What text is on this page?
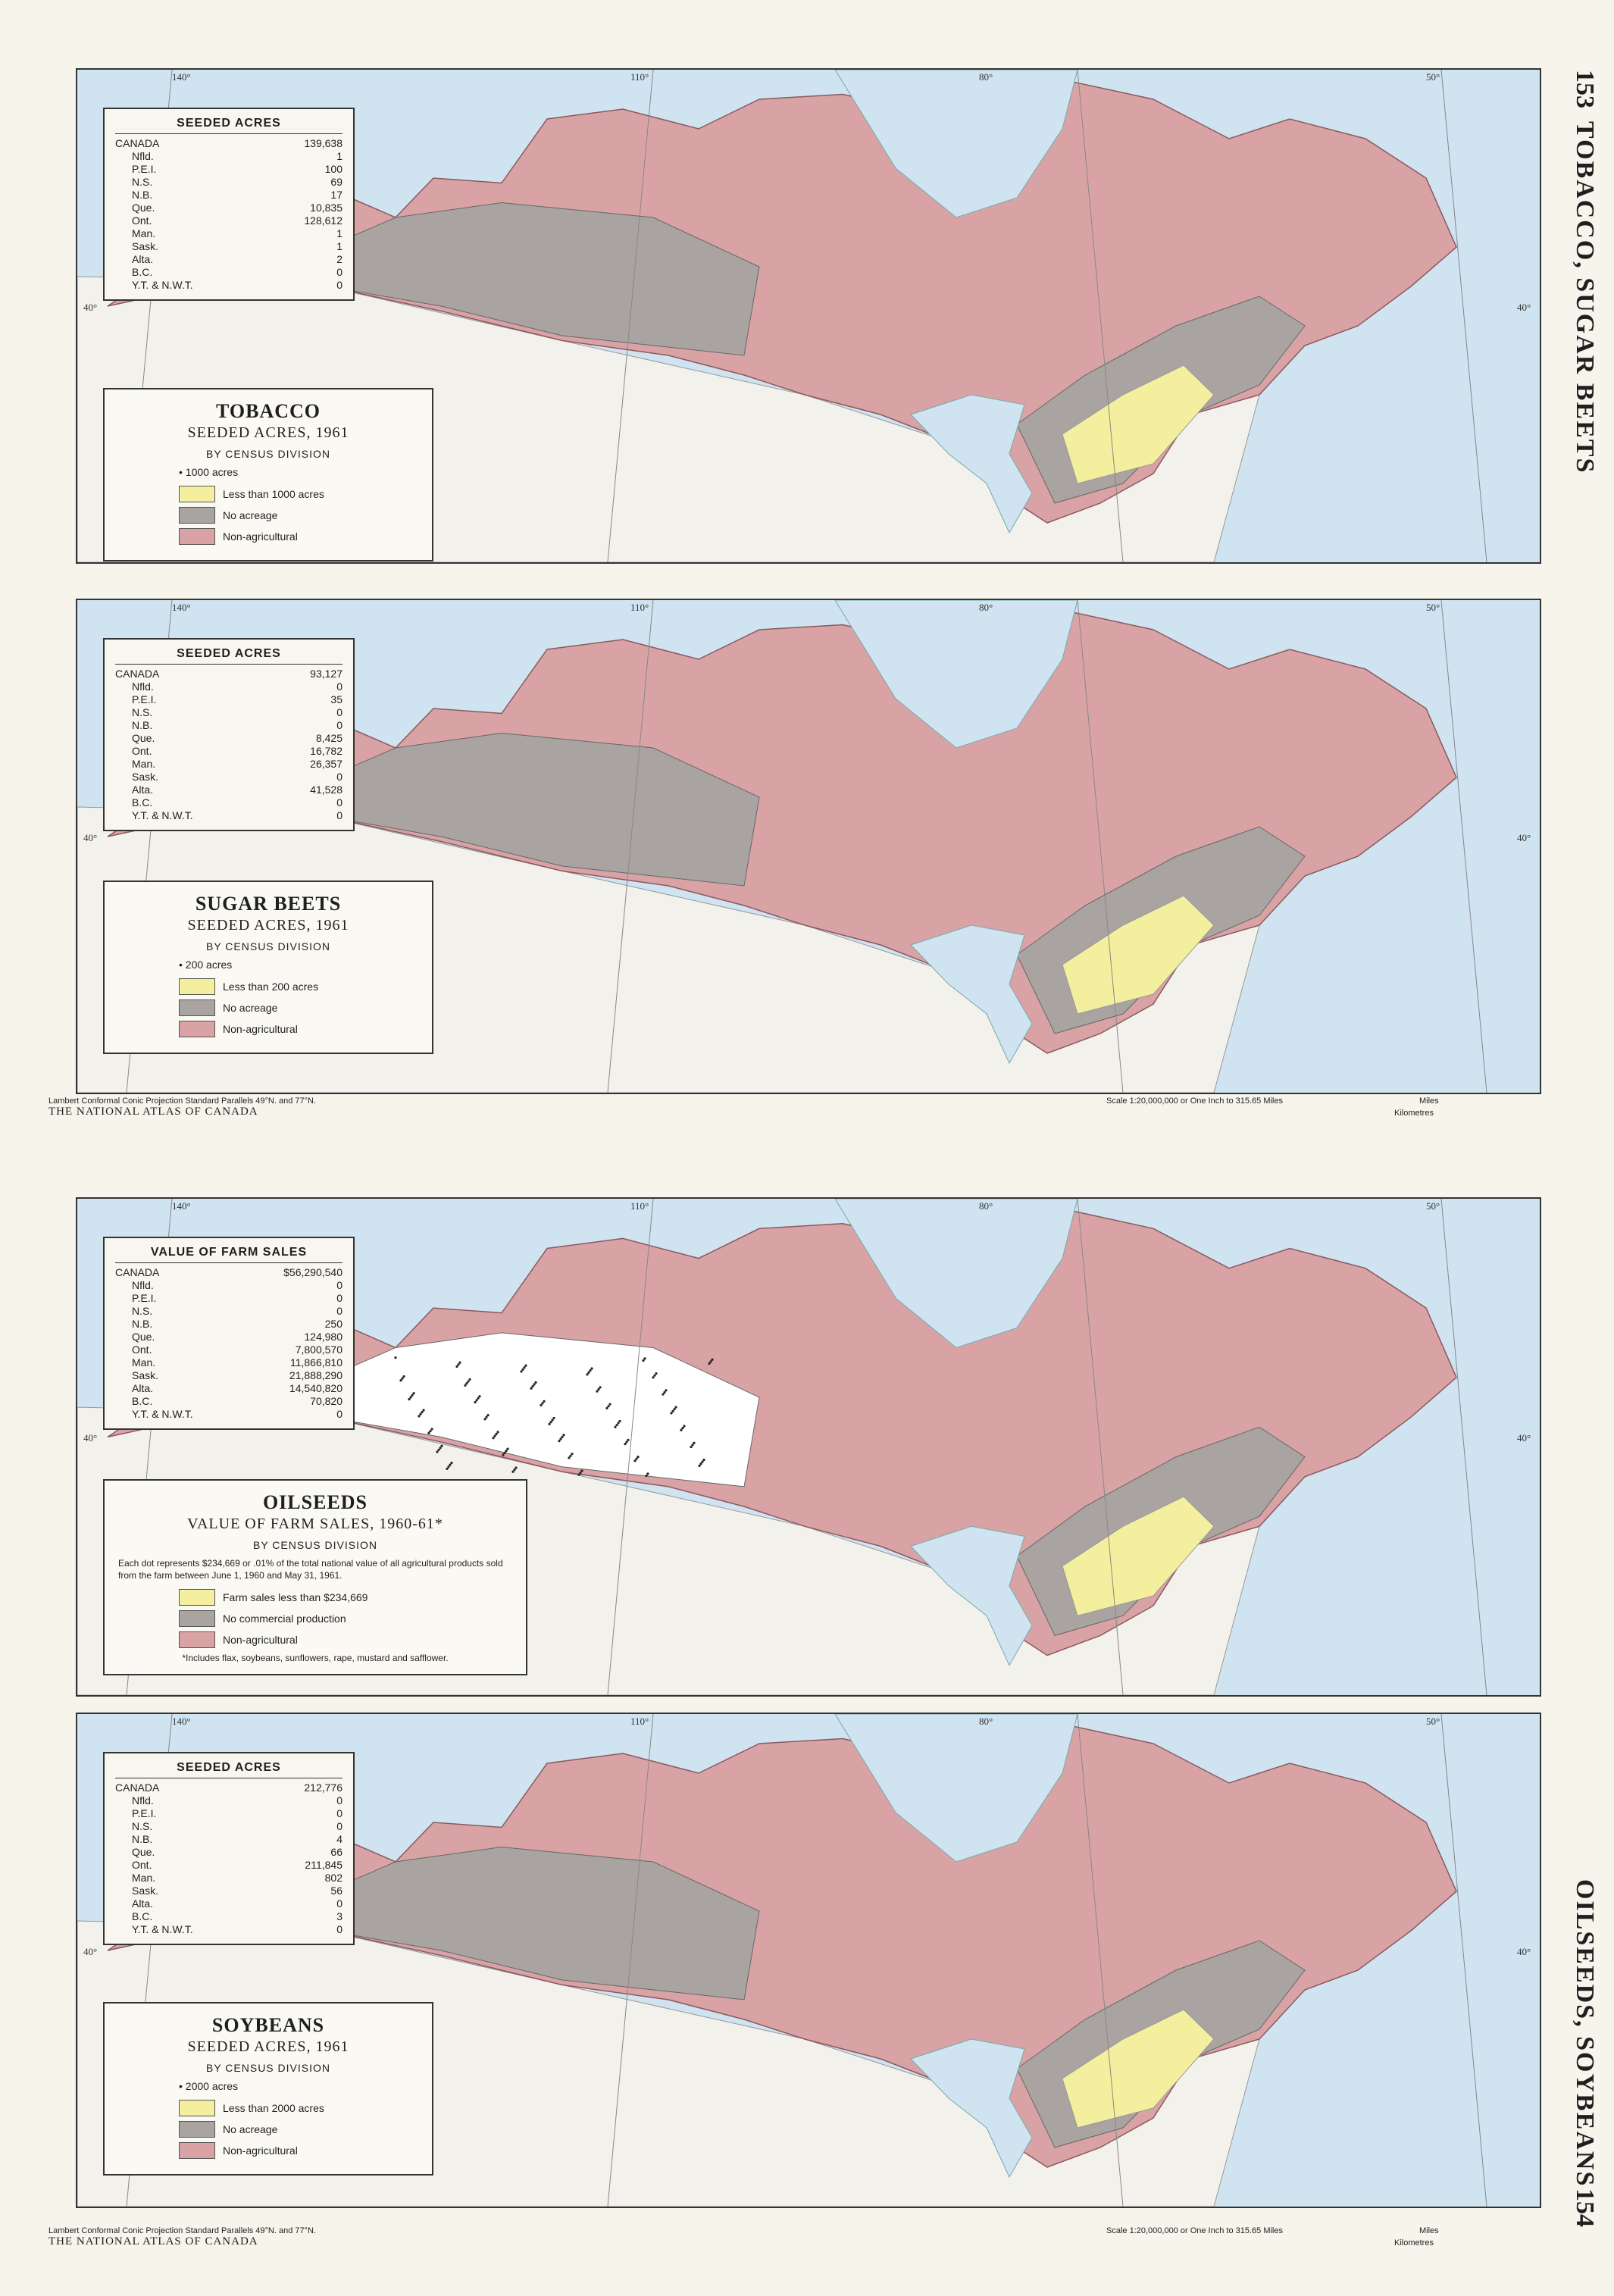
153
TOBACCO, SUGAR BEETS
OILSEEDS, SOYBEANS
154
140°	110°	80°	50°
40°	40°
SEEDED ACRES
CANADA	139,638
Nfld.	1
P.E.I.	100
N.S.	69
N.B.	17
Que.	10,835
Ont.	128,612
Man.	1
Sask.	1
Alta.	2
B.C.	0
Y.T. & N.W.T.	0
TOBACCO
SEEDED ACRES, 1961
BY CENSUS DIVISION
• 1000 acres
Less than 1000 acres
No acreage
Non-agricultural
140°	110°	80°	50°
40°	40°
SEEDED ACRES
CANADA	93,127
Nfld.	0
P.E.I.	35
N.S.	0
N.B.	0
Que.	8,425
Ont.	16,782
Man.	26,357
Sask.	0
Alta.	41,528
B.C.	0
Y.T. & N.W.T.	0
SUGAR BEETS
SEEDED ACRES, 1961
BY CENSUS DIVISION
• 200 acres
Less than 200 acres
No acreage
Non-agricultural
140°	110°	80°	50°
40°	40°
VALUE OF FARM SALES
CANADA	$56,290,540
Nfld.	0
P.E.I.	0
N.S.	0
N.B.	250
Que.	124,980
Ont.	7,800,570
Man.	11,866,810
Sask.	21,888,290
Alta.	14,540,820
B.C.	70,820
Y.T. & N.W.T.	0
OILSEEDS
VALUE OF FARM SALES, 1960-61*
BY CENSUS DIVISION
Each dot represents $234,669 or .01% of the total national value of all agricultural products sold from the farm between June 1, 1960 and May 31, 1961.
Farm sales less than $234,669
No commercial production
Non-agricultural
*Includes flax, soybeans, sunflowers, rape, mustard and safflower.
140°	110°	80°	50°
40°	40°
SEEDED ACRES
CANADA	212,776
Nfld.	0
P.E.I.	0
N.S.	0
N.B.	4
Que.	66
Ont.	211,845
Man.	802
Sask.	56
Alta.	0
B.C.	3
Y.T. & N.W.T.	0
SOYBEANS
SEEDED ACRES, 1961
BY CENSUS DIVISION
• 2000 acres
Less than 2000 acres
No acreage
Non-agricultural
Lambert Conformal Conic Projection Standard Parallels 49°N. and 77°N.
THE NATIONAL ATLAS OF CANADA
Scale 1:20,000,000 or One Inch to 315.65 Miles	Miles
Kilometres
Lambert Conformal Conic Projection Standard Parallels 49°N. and 77°N.
THE NATIONAL ATLAS OF CANADA
Scale 1:20,000,000 or One Inch to 315.65 Miles	Miles
Kilometres
